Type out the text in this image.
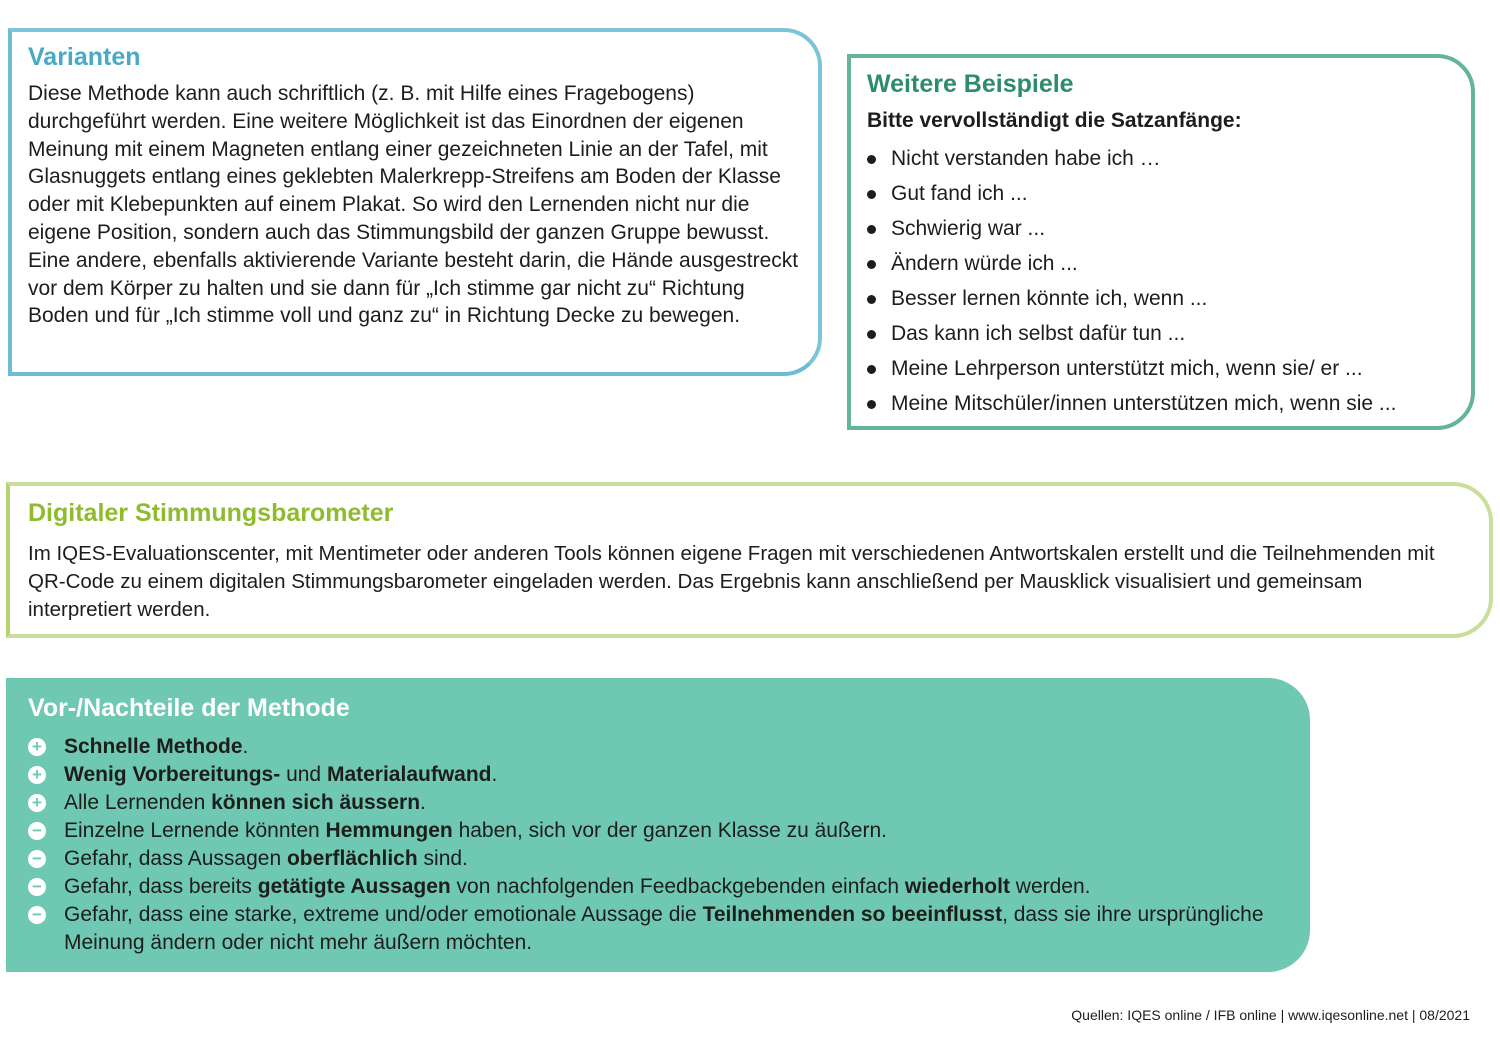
Varianten

Diese Methode kann auch schriftlich (z. B. mit Hilfe eines Fragebogens) durchgeführt werden. Eine weitere Möglichkeit ist das Einordnen der eigenen Meinung mit einem Magneten entlang einer gezeichneten Linie an der Tafel, mit Glasnuggets entlang eines geklebten Malerkrepp-Streifens am Boden der Klasse oder mit Klebepunkten auf einem Plakat. So wird den Lernenden nicht nur die eigene Position, sondern auch das Stimmungsbild der ganzen Gruppe bewusst. Eine andere, ebenfalls aktivierende Variante besteht darin, die Hände ausgestreckt vor dem Körper zu halten und sie dann für „Ich stimme gar nicht zu“ Richtung Boden und für „Ich stimme voll und ganz zu“ in Richtung Decke zu bewegen.

Weitere Beispiele

Bitte vervollständigt die Satzanfänge:

Nicht verstanden habe ich …
Gut fand ich ...
Schwierig war ...
Ändern würde ich ...
Besser lernen könnte ich, wenn ...
Das kann ich selbst dafür tun ...
Meine Lehrperson unterstützt mich, wenn sie/ er ...
Meine Mitschüler/innen unterstützen mich, wenn sie ...
Digitaler Stimmungsbarometer

Im IQES-Evaluationscenter, mit Mentimeter oder anderen Tools können eigene Fragen mit verschiedenen Antwortskalen erstellt und die Teilnehmenden mit QR-Code zu einem digitalen Stimmungsbarometer eingeladen werden. Das Ergebnis kann anschließend per Mausklick visualisiert und gemeinsam interpretiert werden.

Vor-/Nachteile der Methode
+ Schnelle Methode.
+ Wenig Vorbereitungs- und Materialaufwand.
+ Alle Lernenden können sich äussern.
− Einzelne Lernende könnten Hemmungen haben, sich vor der ganzen Klasse zu äußern.
− Gefahr, dass Aussagen oberflächlich sind.
− Gefahr, dass bereits getätigte Aussagen von nachfolgenden Feedbackgebenden einfach wiederholt werden.
− Gefahr, dass eine starke, extreme und/oder emotionale Aussage die Teilnehmenden so beeinflusst, dass sie ihre ursprüngliche Meinung ändern oder nicht mehr äußern möchten.
Quellen: IQES online / IFB online | www.iqesonline.net | 08/2021
